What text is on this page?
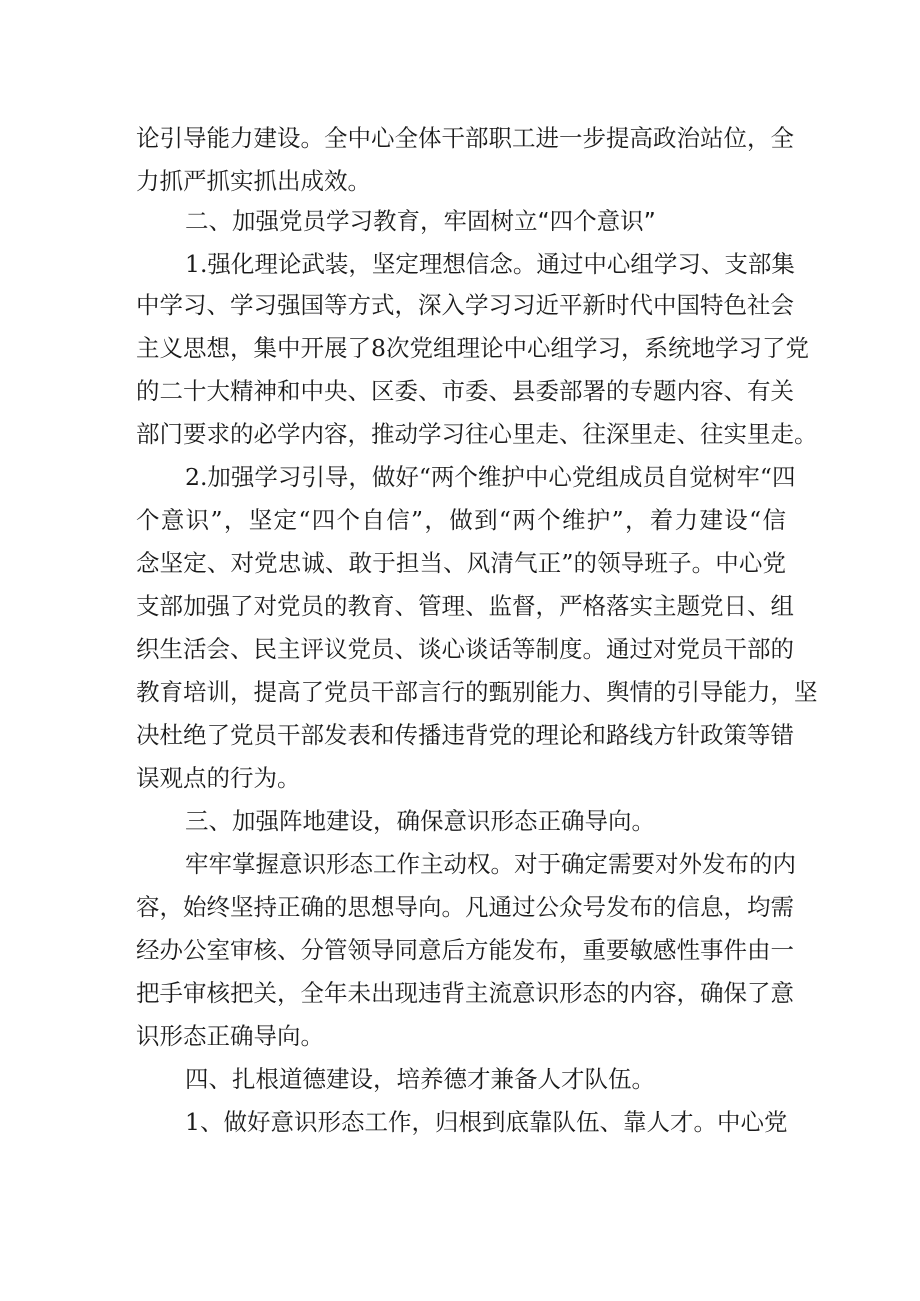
论引导能力建设。全中心全体干部职工进一步提高政治站位，全
力抓严抓实抓出成效。
二、加强党员学习教育，牢固树立“四个意识”
1.强化理论武装，坚定理想信念。通过中心组学习、支部集
中学习、学习强国等方式，深入学习习近平新时代中国特色社会
主义思想，集中开展了8次党组理论中心组学习，系统地学习了党
的二十大精神和中央、区委、市委、县委部署的专题内容、有关
部门要求的必学内容，推动学习往心里走、往深里走、往实里走。
2.加强学习引导，做好“两个维护中心党组成员自觉树牢“四
个意识”，坚定“四个自信”，做到“两个维护”，着力建设“信
念坚定、对党忠诚、敢于担当、风清气正”的领导班子。中心党
支部加强了对党员的教育、管理、监督，严格落实主题党日、组
织生活会、民主评议党员、谈心谈话等制度。通过对党员干部的
教育培训，提高了党员干部言行的甄别能力、舆情的引导能力，坚
决杜绝了党员干部发表和传播违背党的理论和路线方针政策等错
误观点的行为。
三、加强阵地建设，确保意识形态正确导向。
牢牢掌握意识形态工作主动权。对于确定需要对外发布的内
容，始终坚持正确的思想导向。凡通过公众号发布的信息，均需
经办公室审核、分管领导同意后方能发布，重要敏感性事件由一
把手审核把关，全年未出现违背主流意识形态的内容，确保了意
识形态正确导向。
四、扎根道德建设，培养德才兼备人才队伍。
1、做好意识形态工作，归根到底靠队伍、靠人才。中心党
